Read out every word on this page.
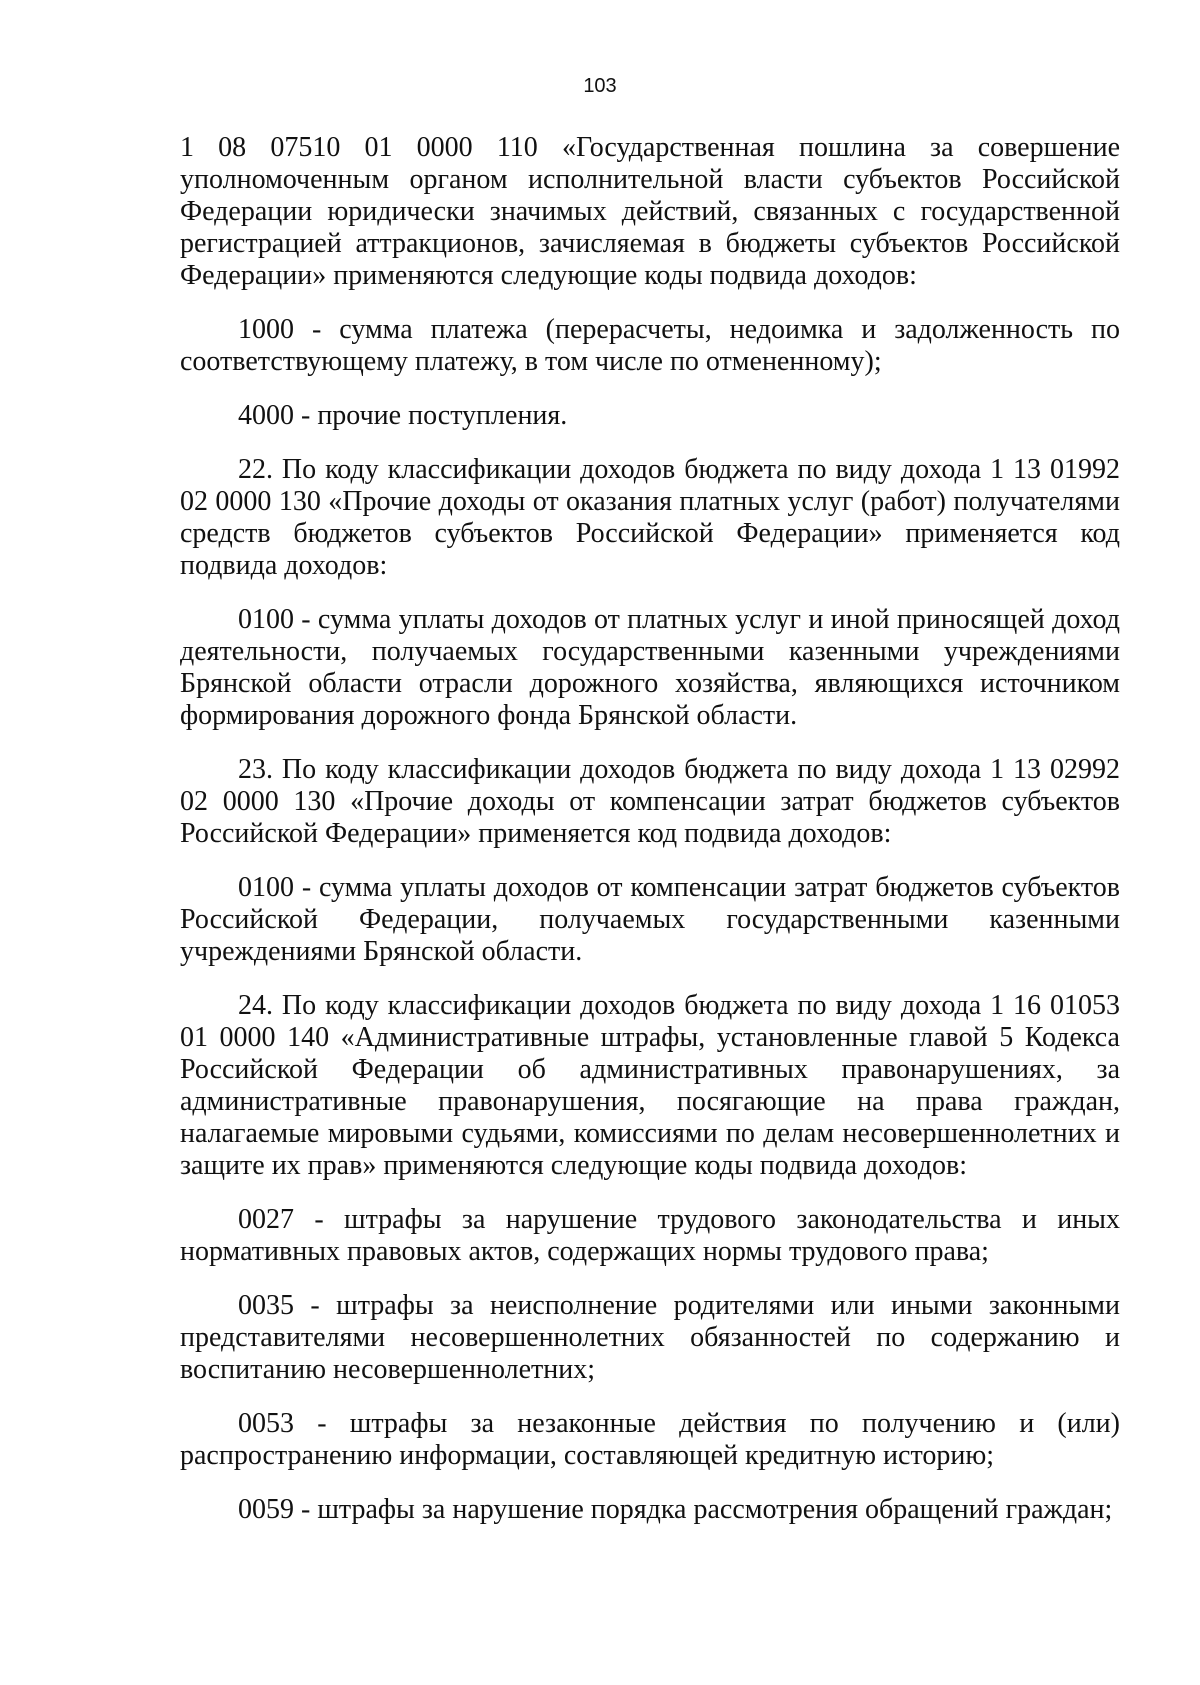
103

1 08 07510 01 0000 110 «Государственная пошлина за совершение уполномоченным органом исполнительной власти субъектов Российской Федерации юридически значимых действий, связанных с государственной регистрацией аттракционов, зачисляемая в бюджеты субъектов Российской Федерации» применяются следующие коды подвида доходов:

1000 - сумма платежа (перерасчеты, недоимка и задолженность по соответствующему платежу, в том числе по отмененному);

4000 - прочие поступления.

22. По коду классификации доходов бюджета по виду дохода 1 13 01992 02 0000 130 «Прочие доходы от оказания платных услуг (работ) получателями средств бюджетов субъектов Российской Федерации» применяется код подвида доходов:

0100 - сумма уплаты доходов от платных услуг и иной приносящей доход деятельности, получаемых государственными казенными учреждениями Брянской области отрасли дорожного хозяйства, являющихся источником формирования дорожного фонда Брянской области.

23. По коду классификации доходов бюджета по виду дохода 1 13 02992 02 0000 130 «Прочие доходы от компенсации затрат бюджетов субъектов Российской Федерации» применяется код подвида доходов:

0100 - сумма уплаты доходов от компенсации затрат бюджетов субъектов Российской Федерации, получаемых государственными казенными учреждениями Брянской области.

24. По коду классификации доходов бюджета по виду дохода 1 16 01053 01 0000 140 «Административные штрафы, установленные главой 5 Кодекса Российской Федерации об административных правонарушениях, за административные правонарушения, посягающие на права граждан, налагаемые мировыми судьями, комиссиями по делам несовершеннолетних и защите их прав» применяются следующие коды подвида доходов:

0027 - штрафы за нарушение трудового законодательства и иных нормативных правовых актов, содержащих нормы трудового права;

0035 - штрафы за неисполнение родителями или иными законными представителями несовершеннолетних обязанностей по содержанию и воспитанию несовершеннолетних;

0053 - штрафы за незаконные действия по получению и (или) распространению информации, составляющей кредитную историю;

0059 - штрафы за нарушение порядка рассмотрения обращений граждан;
